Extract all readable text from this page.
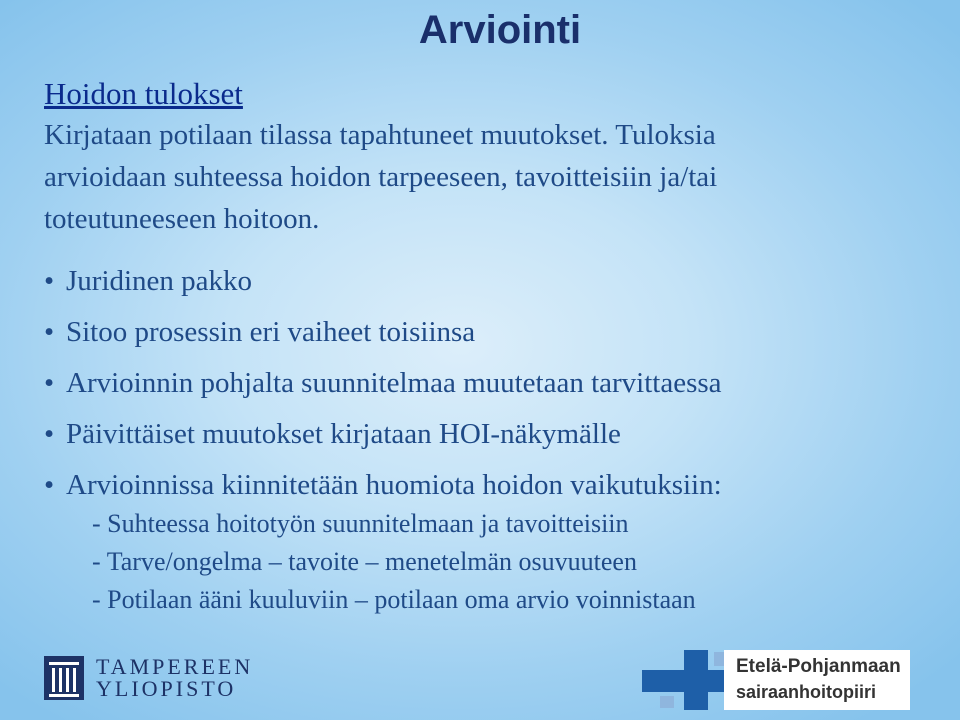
Arviointi

Hoidon tulokset

Kirjataan potilaan tilassa tapahtuneet muutokset. Tuloksia
arvioidaan suhteessa hoidon tarpeeseen, tavoitteisiin ja/tai
toteutuneeseen hoitoon.

• Juridinen pakko
• Sitoo prosessin eri vaiheet toisiinsa
• Arvioinnin pohjalta suunnitelmaa muutetaan tarvittaessa
• Päivittäiset muutokset kirjataan HOI-näkymälle
• Arvioinnissa kiinnitetään huomiota hoidon vaikutuksiin:
- Suhteessa hoitotyön suunnitelmaan ja tavoitteisiin
- Tarve/ongelma – tavoite – menetelmän osuvuuteen
- Potilaan ääni kuuluviin – potilaan oma arvio voinnistaan
TAMPEREEN
YLIOPISTO
Etelä-Pohjanmaan
sairaanhoitopiiri
